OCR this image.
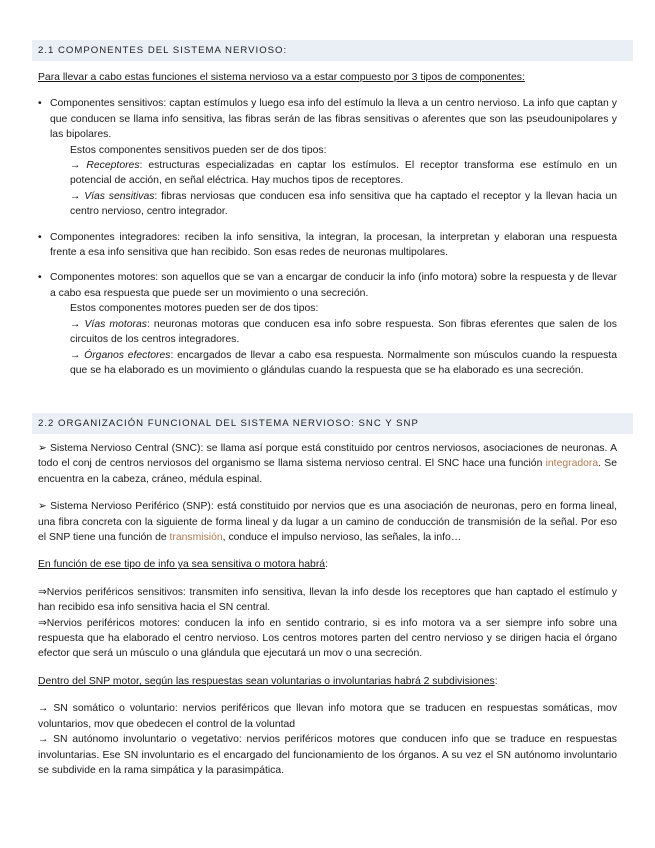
2.1 COMPONENTES DEL SISTEMA NERVIOSO:

Para llevar a cabo estas funciones el sistema nervioso va a estar compuesto por 3 tipos de componentes:

• Componentes sensitivos: captan estímulos y luego esa info del estímulo la lleva a un centro nervioso. La info que captan y que conducen se llama info sensitiva, las fibras serán de las fibras sensitivas o aferentes que son las pseudounipolares y las bipolares.

Estos componentes sensitivos pueden ser de dos tipos:

→ Receptores: estructuras especializadas en captar los estímulos. El receptor transforma ese estímulo en un potencial de acción, en señal eléctrica. Hay muchos tipos de receptores.

→ Vías sensitivas: fibras nerviosas que conducen esa info sensitiva que ha captado el receptor y la llevan hacia un centro nervioso, centro integrador.

• Componentes integradores: reciben la info sensitiva, la integran, la procesan, la interpretan y elaboran una respuesta frente a esa info sensitiva que han recibido. Son esas redes de neuronas multipolares.

• Componentes motores: son aquellos que se van a encargar de conducir la info (info motora) sobre la respuesta y de llevar a cabo esa respuesta que puede ser un movimiento o una secreción.

Estos componentes motores pueden ser de dos tipos:

→ Vías motoras: neuronas motoras que conducen esa info sobre respuesta. Son fibras eferentes que salen de los circuitos de los centros integradores.

→ Órganos efectores: encargados de llevar a cabo esa respuesta. Normalmente son músculos cuando la respuesta que se ha elaborado es un movimiento o glándulas cuando la respuesta que se ha elaborado es una secreción.

2.2 ORGANIZACIÓN FUNCIONAL DEL SISTEMA NERVIOSO: SNC Y SNP

➢ Sistema Nervioso Central (SNC): se llama así porque está constituido por centros nerviosos, asociaciones de neuronas. A todo el conj de centros nerviosos del organismo se llama sistema nervioso central. El SNC hace una función integradora. Se encuentra en la cabeza, cráneo, médula espinal.

➢ Sistema Nervioso Periférico (SNP): está constituido por nervios que es una asociación de neuronas, pero en forma lineal, una fibra concreta con la siguiente de forma lineal y da lugar a un camino de conducción de transmisión de la señal. Por eso el SNP tiene una función de transmisión, conduce el impulso nervioso, las señales, la info…

En función de ese tipo de info ya sea sensitiva o motora habrá:

⇒Nervios periféricos sensitivos: transmiten info sensitiva, llevan la info desde los receptores que han captado el estímulo y han recibido esa info sensitiva hacia el SN central.

⇒Nervios periféricos motores: conducen la info en sentido contrario, si es info motora va a ser siempre info sobre una respuesta que ha elaborado el centro nervioso. Los centros motores parten del centro nervioso y se dirigen hacia el órgano efector que será un músculo o una glándula que ejecutará un mov o una secreción.

Dentro del SNP motor, según las respuestas sean voluntarias o involuntarias habrá 2 subdivisiones:

→ SN somático o voluntario: nervios periféricos que llevan info motora que se traducen en respuestas somáticas, mov voluntarios, mov que obedecen el control de la voluntad

→ SN autónomo involuntario o vegetativo: nervios periféricos motores que conducen info que se traduce en respuestas involuntarias. Ese SN involuntario es el encargado del funcionamiento de los órganos. A su vez el SN autónomo involuntario se subdivide en la rama simpática y la parasimpática.
